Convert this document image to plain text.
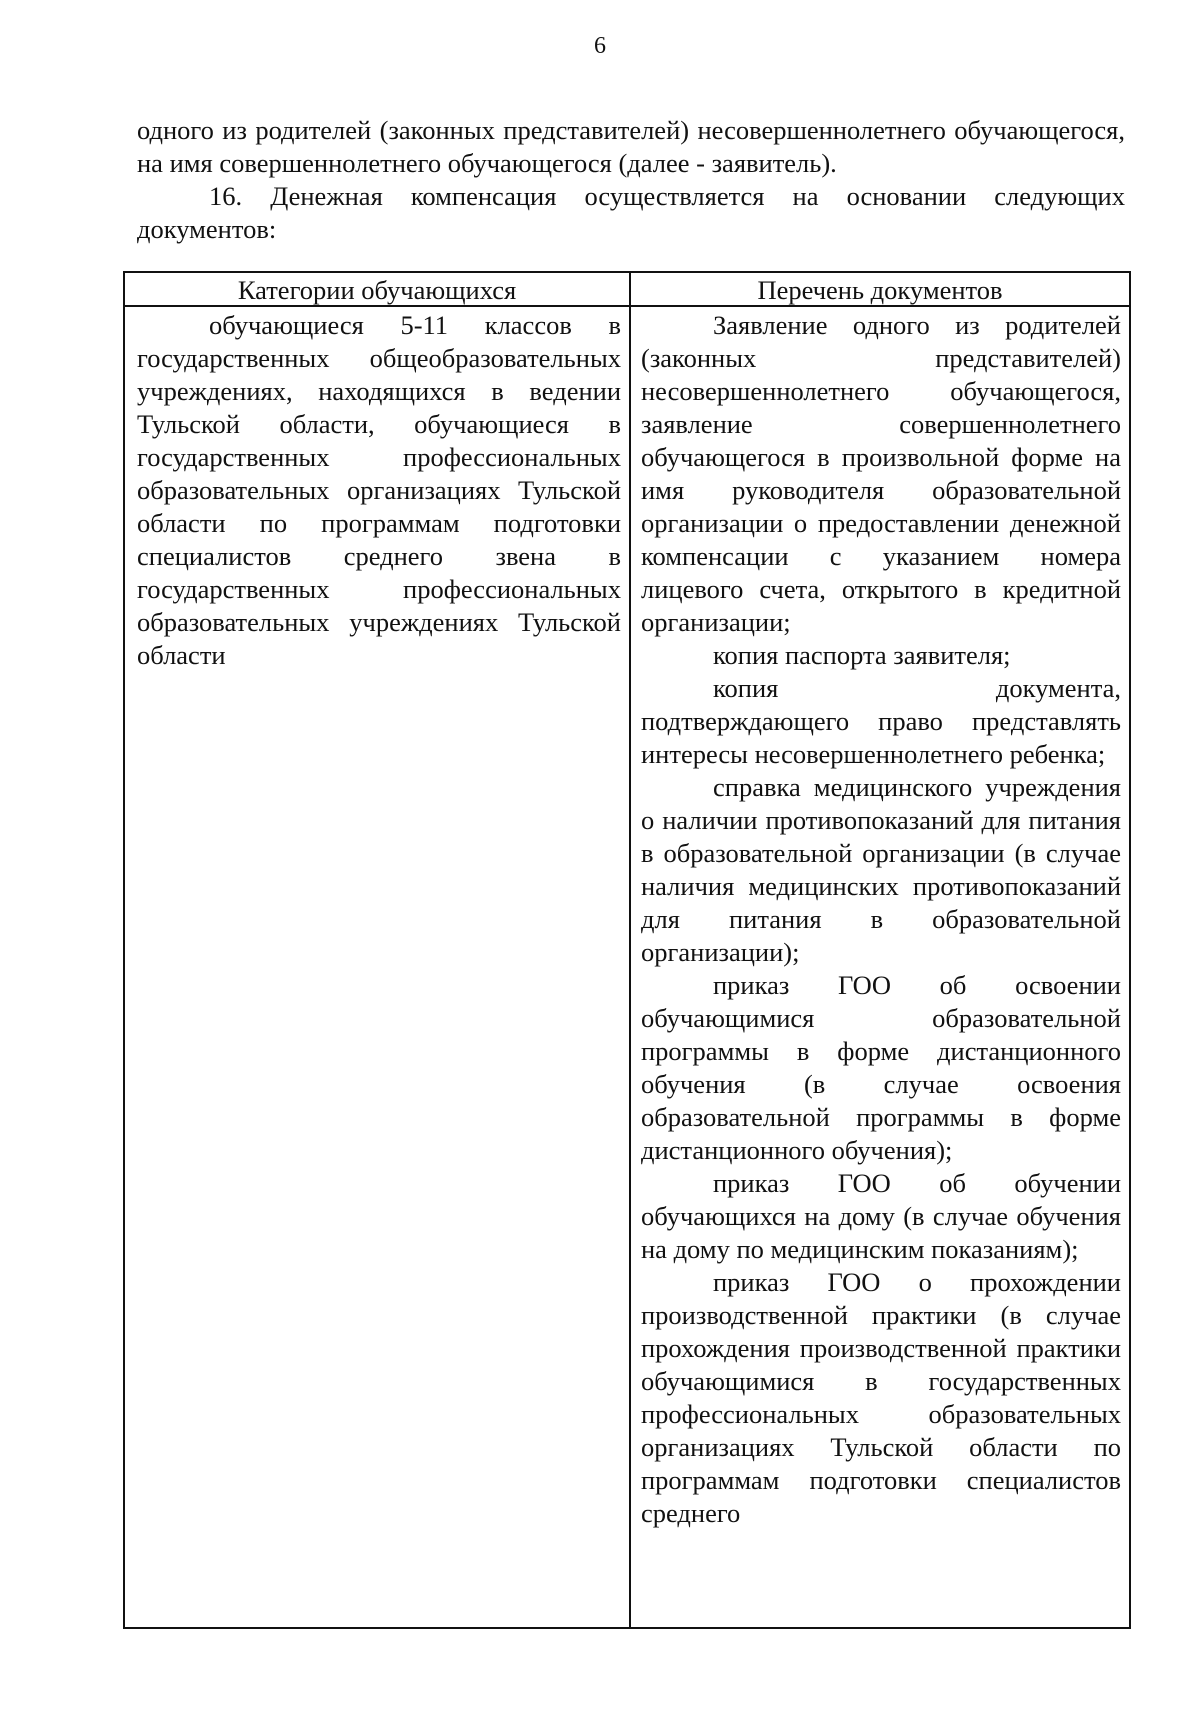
6

одного из родителей (законных представителей) несовершеннолетнего обучающегося, на имя совершеннолетнего обучающегося (далее - заявитель).

16. Денежная компенсация осуществляется на основании следующих документов:

Категории обучающихся	Перечень документов

обучающиеся 5-11 классов в государственных общеобразовательных учреждениях, находящихся в ведении Тульской области, обучающиеся в государственных профессиональных образовательных организациях Тульской области по программам подготовки специалистов среднего звена в государственных профессиональных образовательных учреждениях Тульской области

Заявление одного из родителей (законных представителей) несовершеннолетнего обучающегося, заявление совершеннолетнего обучающегося в произвольной форме на имя руководителя образовательной организации о предоставлении денежной компенсации с указанием номера лицевого счета, открытого в кредитной организации;

копия паспорта заявителя;

копия документа, подтверждающего право представлять интересы несовершеннолетнего ребенка;

справка медицинского учреждения о наличии противопоказаний для питания в образовательной организации (в случае наличия медицинских противопоказаний для питания в образовательной организации);

приказ ГОО об освоении обучающимися образовательной программы в форме дистанционного обучения (в случае освоения образовательной программы в форме дистанционного обучения);

приказ ГОО об обучении обучающихся на дому (в случае обучения на дому по медицинским показаниям);

приказ ГОО о прохождении производственной практики (в случае прохождения производственной практики обучающимися в государственных профессиональных образовательных организациях Тульской области по программам подготовки специалистов среднего
